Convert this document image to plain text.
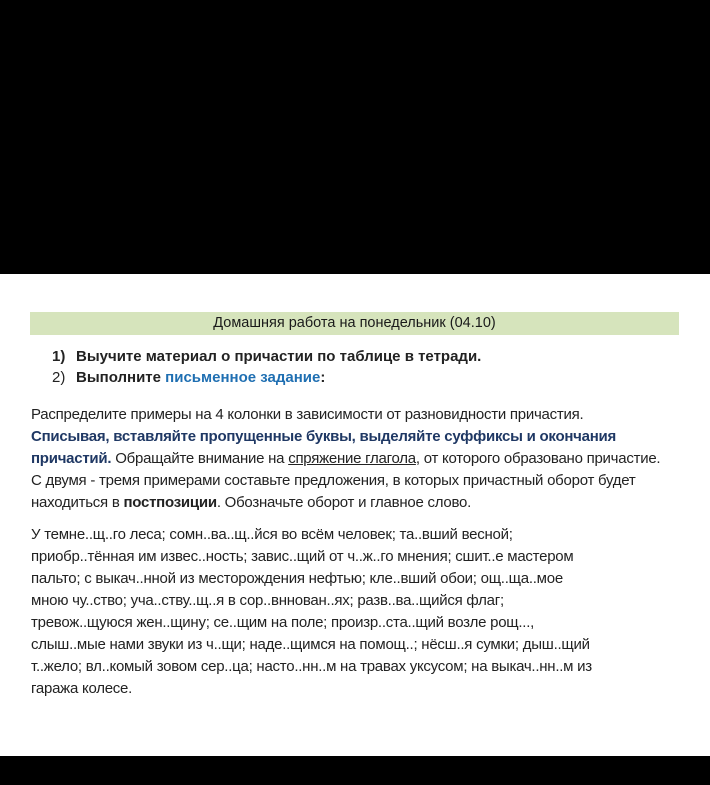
Домашняя работа на понедельник (04.10)
1) Выучите материал о причастии по таблице в тетради.
2) Выполните письменное задание:

Распределите примеры на 4 колонки в зависимости от разновидности причастия.

Списывая, вставляйте пропущенные буквы, выделяйте суффиксы и окончания причастий. Обращайте внимание на спряжение глагола, от которого образовано причастие.

С двумя - тремя примерами составьте предложения, в которых причастный оборот будет находиться в постпозиции. Обозначьте оборот и главное слово.

У темне..щ..го леса; сомн..ва..щ..йся во всём человек; та..вший весной;
приобр..тённая им извес..ность; завис..щий от ч..ж..го мнения; сшит..е мастером
пальто; с выкач..нной из месторождения нефтью; кле..вший обои; ощ..ща..мое
мною чу..ство; уча..ству..щ..я в сор..вннован..ях; разв..ва..щийся флаг;
тревож..щуюся жен..щину; се..щим на поле; произр..ста..щий возле рощ...,
слыш..мые нами звуки из ч..щи; наде..щимся на помощ..; нёсш..я сумки; дыш..щий
т..жело; вл..комый зовом сер..ца; насто..нн..м на травах уксусом; на выкач..нн..м из
гаража колесе.
